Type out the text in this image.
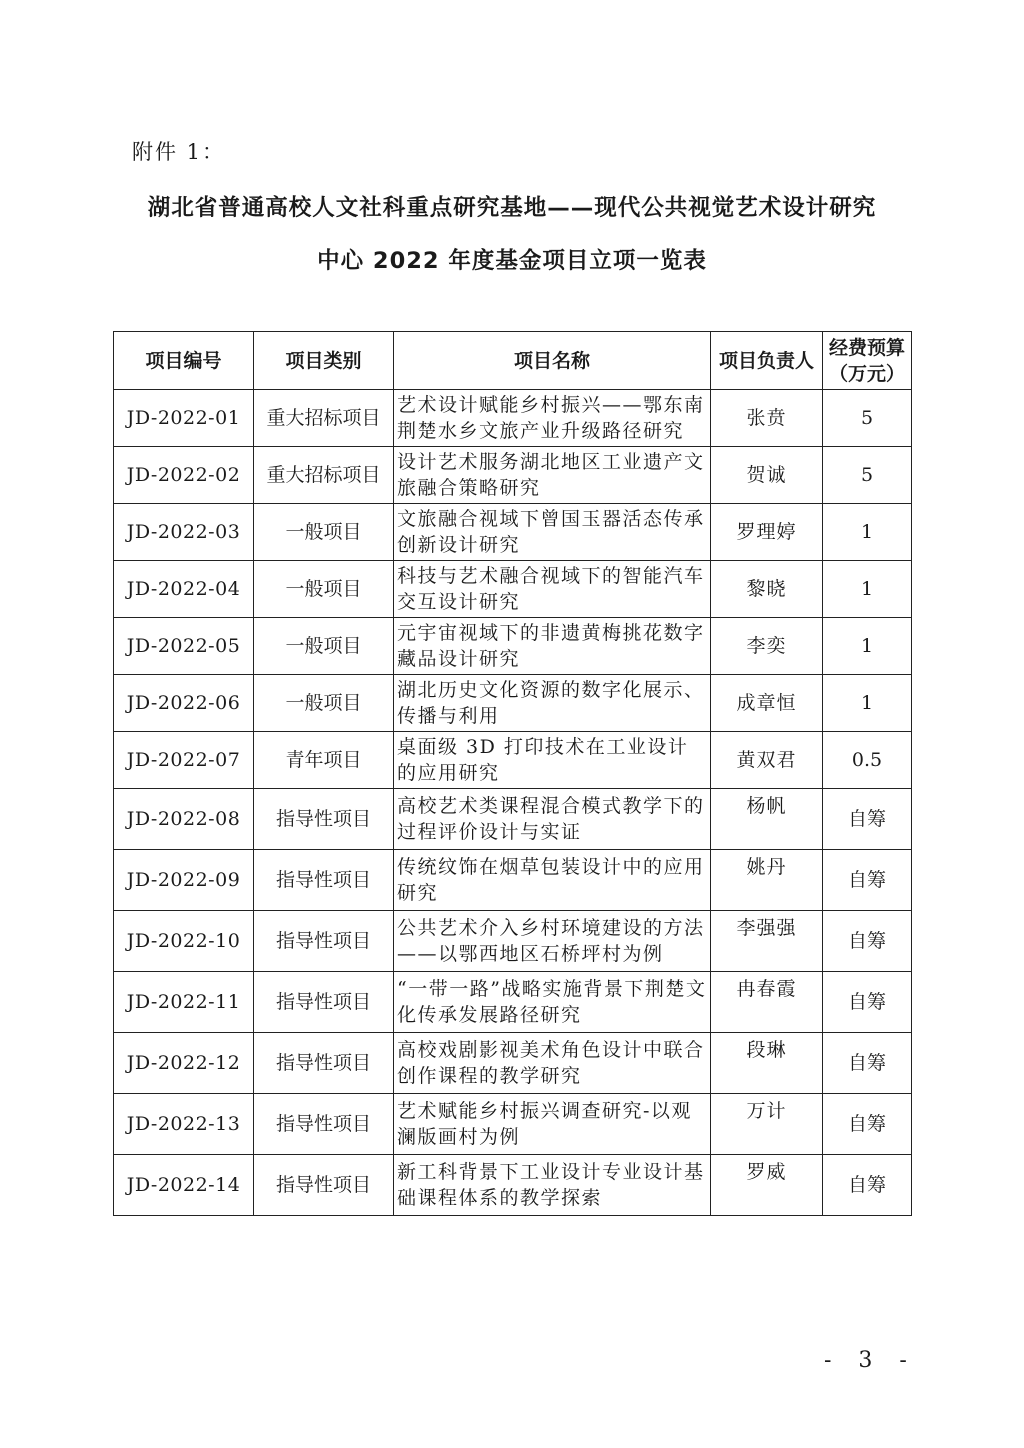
附件 1：
湖北省普通高校人文社科重点研究基地——现代公共视觉艺术设计研究
中心 2022 年度基金项目立项一览表
项目编号	项目类别	项目名称	项目负责人	经费预算
（万元）

JD-2022-01	重大招标项目	艺术设计赋能乡村振兴——鄂东南荆楚水乡文旅产业升级路径研究	张贲	5
JD-2022-02	重大招标项目	设计艺术服务湖北地区工业遗产文旅融合策略研究	贺诚	5
JD-2022-03	一般项目	文旅融合视域下曾国玉器活态传承创新设计研究	罗理婷	1
JD-2022-04	一般项目	科技与艺术融合视域下的智能汽车交互设计研究	黎晓	1
JD-2022-05	一般项目	元宇宙视域下的非遗黄梅挑花数字藏品设计研究	李奕	1
JD-2022-06	一般项目	湖北历史文化资源的数字化展示、传播与利用	成章恒	1
JD-2022-07	青年项目	桌面级 3D 打印技术在工业设计的应用研究	黄双君	0.5
JD-2022-08	指导性项目	高校艺术类课程混合模式教学下的过程评价设计与实证	杨帆	自筹
JD-2022-09	指导性项目	传统纹饰在烟草包装设计中的应用研究	姚丹	自筹
JD-2022-10	指导性项目	公共艺术介入乡村环境建设的方法——以鄂西地区石桥坪村为例	李强强	自筹
JD-2022-11	指导性项目	“一带一路”战略实施背景下荆楚文化传承发展路径研究	冉春霞	自筹
JD-2022-12	指导性项目	高校戏剧影视美术角色设计中联合创作课程的教学研究	段琳	自筹
JD-2022-13	指导性项目	艺术赋能乡村振兴调查研究-以观澜版画村为例	万计	自筹
JD-2022-14	指导性项目	新工科背景下工业设计专业设计基础课程体系的教学探索	罗威	自筹
- 3 -
